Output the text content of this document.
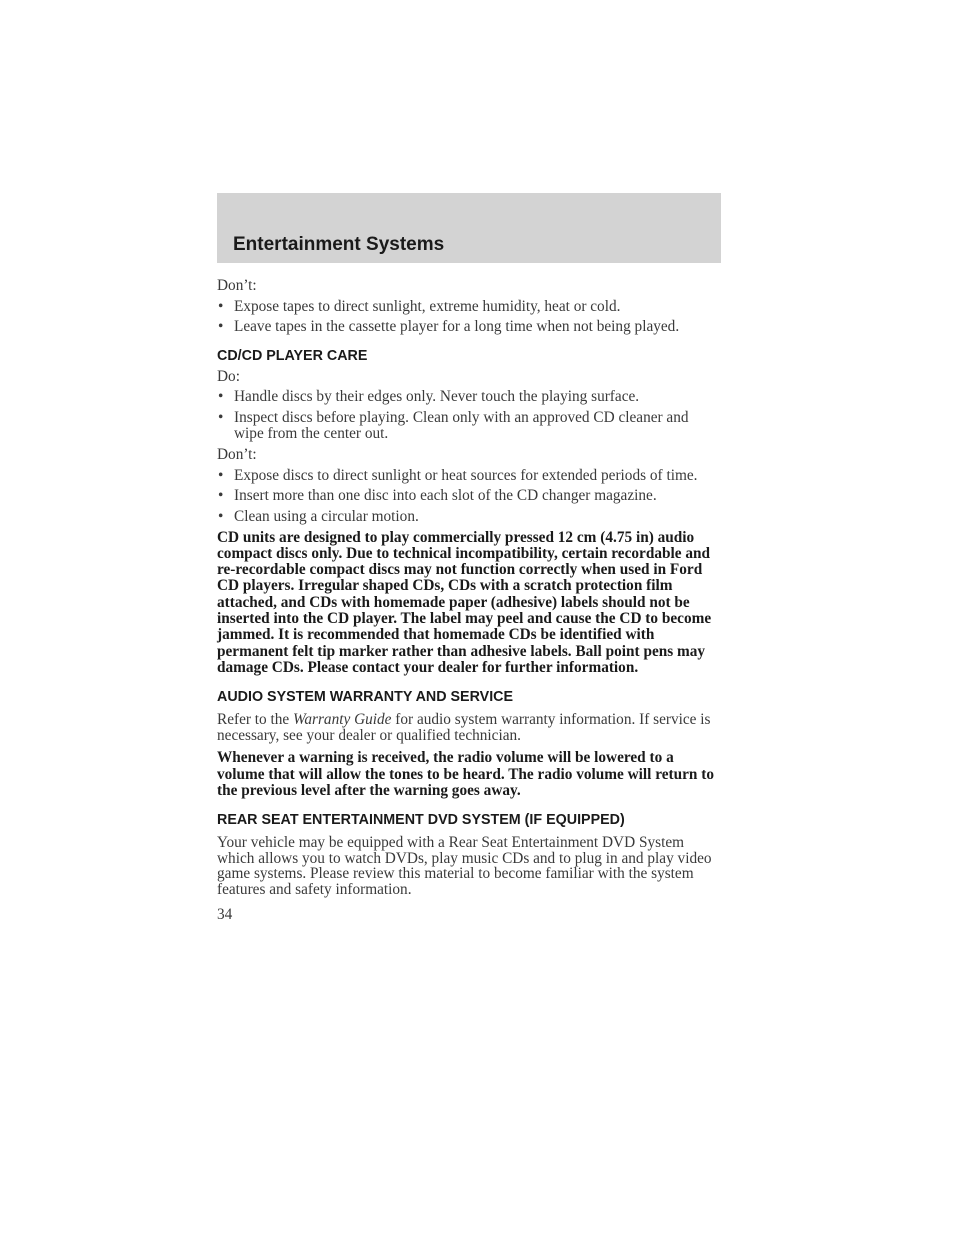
Entertainment Systems

Don’t:

• Expose tapes to direct sunlight, extreme humidity, heat or cold.
• Leave tapes in the cassette player for a long time when not being played.
CD/CD PLAYER CARE

Do:

• Handle discs by their edges only. Never touch the playing surface.
• Inspect discs before playing. Clean only with an approved CD cleaner and wipe from the center out.

Don’t:

• Expose discs to direct sunlight or heat sources for extended periods of time.
• Insert more than one disc into each slot of the CD changer magazine.
• Clean using a circular motion.

CD units are designed to play commercially pressed 12 cm (4.75 in) audio compact discs only. Due to technical incompatibility, certain recordable and re-recordable compact discs may not function correctly when used in Ford CD players. Irregular shaped CDs, CDs with a scratch protection film attached, and CDs with homemade paper (adhesive) labels should not be inserted into the CD player. The label may peel and cause the CD to become jammed. It is recommended that homemade CDs be identified with permanent felt tip marker rather than adhesive labels. Ball point pens may damage CDs. Please contact your dealer for further information.

AUDIO SYSTEM WARRANTY AND SERVICE

Refer to the Warranty Guide for audio system warranty information. If service is necessary, see your dealer or qualified technician.

Whenever a warning is received, the radio volume will be lowered to a volume that will allow the tones to be heard. The radio volume will return to the previous level after the warning goes away.

REAR SEAT ENTERTAINMENT DVD SYSTEM (IF EQUIPPED)

Your vehicle may be equipped with a Rear Seat Entertainment DVD System which allows you to watch DVDs, play music CDs and to plug in and play video game systems. Please review this material to become familiar with the system features and safety information.

34
